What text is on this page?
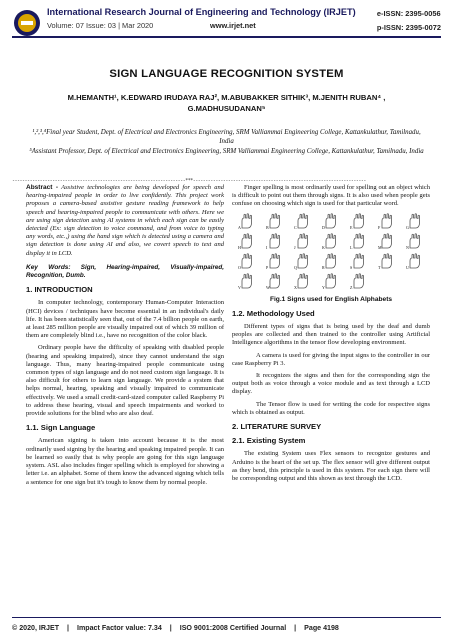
International Research Journal of Engineering and Technology (IRJET)
Volume: 07 Issue: 03 | Mar 2020	www.irjet.net
e-ISSN: 2395-0056
p-ISSN: 2395-0072
SIGN LANGUAGE RECOGNITION SYSTEM
M.HEMANTH¹, K.EDWARD IRUDAYA RAJ², M.ABUBAKKER SITHIK³, M.JENITH RUBAN⁴ , G.MADHUSUDANAN⁵
¹,²,³,⁴Final year Student, Dept. of Electrical and Electronics Engineering, SRM Valliammai Engineering College, Kattankulathur, Tamilnadu, India
⁵Assistant Professor, Dept. of Electrical and Electronics Engineering, SRM Valliammai Engineering College, Kattankulathur, Tamilnadu, India
---------------------------------------------------------------------***---------------------------------------------------------------------

Abstract - Assistive technologies are being developed for speech and hearing-impaired people in order to live confidently. This project work proposes a camera-based assistive gesture reading framework to help speech and hearing-impaired people to communicate with others. Here we are using sign detection using AI systems in which each sign can be easily detected (Ex: sign detection to voice command, and from voice to typing any words, etc.,) using the hand sign which is detected using a camera and sign detection is done using AI and also, we covert speech to text and display it in LCD.

Key Words: Sign, Hearing-impaired, Visually-impaired, Recognition, Dumb.

1. INTRODUCTION

In computer technology, contemporary Human-Computer Interaction (HCI) devices / techniques have become essential in an individual's daily life. It has been statistically seen that, out of the 7.4 billion people on earth, at least 285 million people are visually impaired out of which 39 million of them are completely blind i.e., have no recognition of the color black.

Ordinary people have the difficulty of speaking with disabled people (hearing and speaking impaired), since they cannot understand the sign language. Thus, many hearing-impaired people communicate using common types of sign language and do not need custom sign language. It is also difficult for others to learn sign language. We provide a system that helps normal, hearing, speaking and visually impaired to communicate effectively. We used a small credit-card-sized computer called Raspberry Pi to address these hearing, visual and speech impairments and worked to provide solutions for the blind who are also deaf.

1.1. Sign Language

American signing is taken into account because it is the most ordinarily used signing by the hearing and speaking impaired people. It can be learned so easily that is why people are going for this sign language system. ASL also includes finger spelling which is employed for showing a letter i.e. an alphabet. Some of them know the advanced signing which tells a sentence for one sign but it's tough to know them by normal people.

Finger spelling is most ordinarily used for spelling out an object which is difficult to point out them through signs. It is also used when people gets confuse on choosing which sign is used for that particular word.

A	B	C	D	E	F	G
H	I	J	K	L	M	N
O	P	Q	R	S	T	U
V	W	X	Y	Z
Fig.1 Signs used for English Alphabets
1.2. Methodology Used

Different types of signs that is being used by the deaf and dumb peoples are collected and then trained to the controller using Artificial Intelligence algorithms in the tensor flow developing environment.

A camera is used for giving the input signs to the controller in our case Raspberry Pi 3.

It recognizes the signs and then for the corresponding sign the output both as voice through a voice module and as text through a LCD display.

The Tensor flow is used for writing the code for respective signs which is obtained as output.

2. LITERATURE SURVEY
2.1. Existing System

The existing System uses Flex sensors to recognize gestures and Arduino is the heart of the set up. The flex sensor will give different output as they bend, this principle is used in this system. For each sign there will be corresponding output and this shown as text through the LCD.

© 2020, IRJET | Impact Factor value: 7.34 | ISO 9001:2008 Certified Journal | Page 4198
